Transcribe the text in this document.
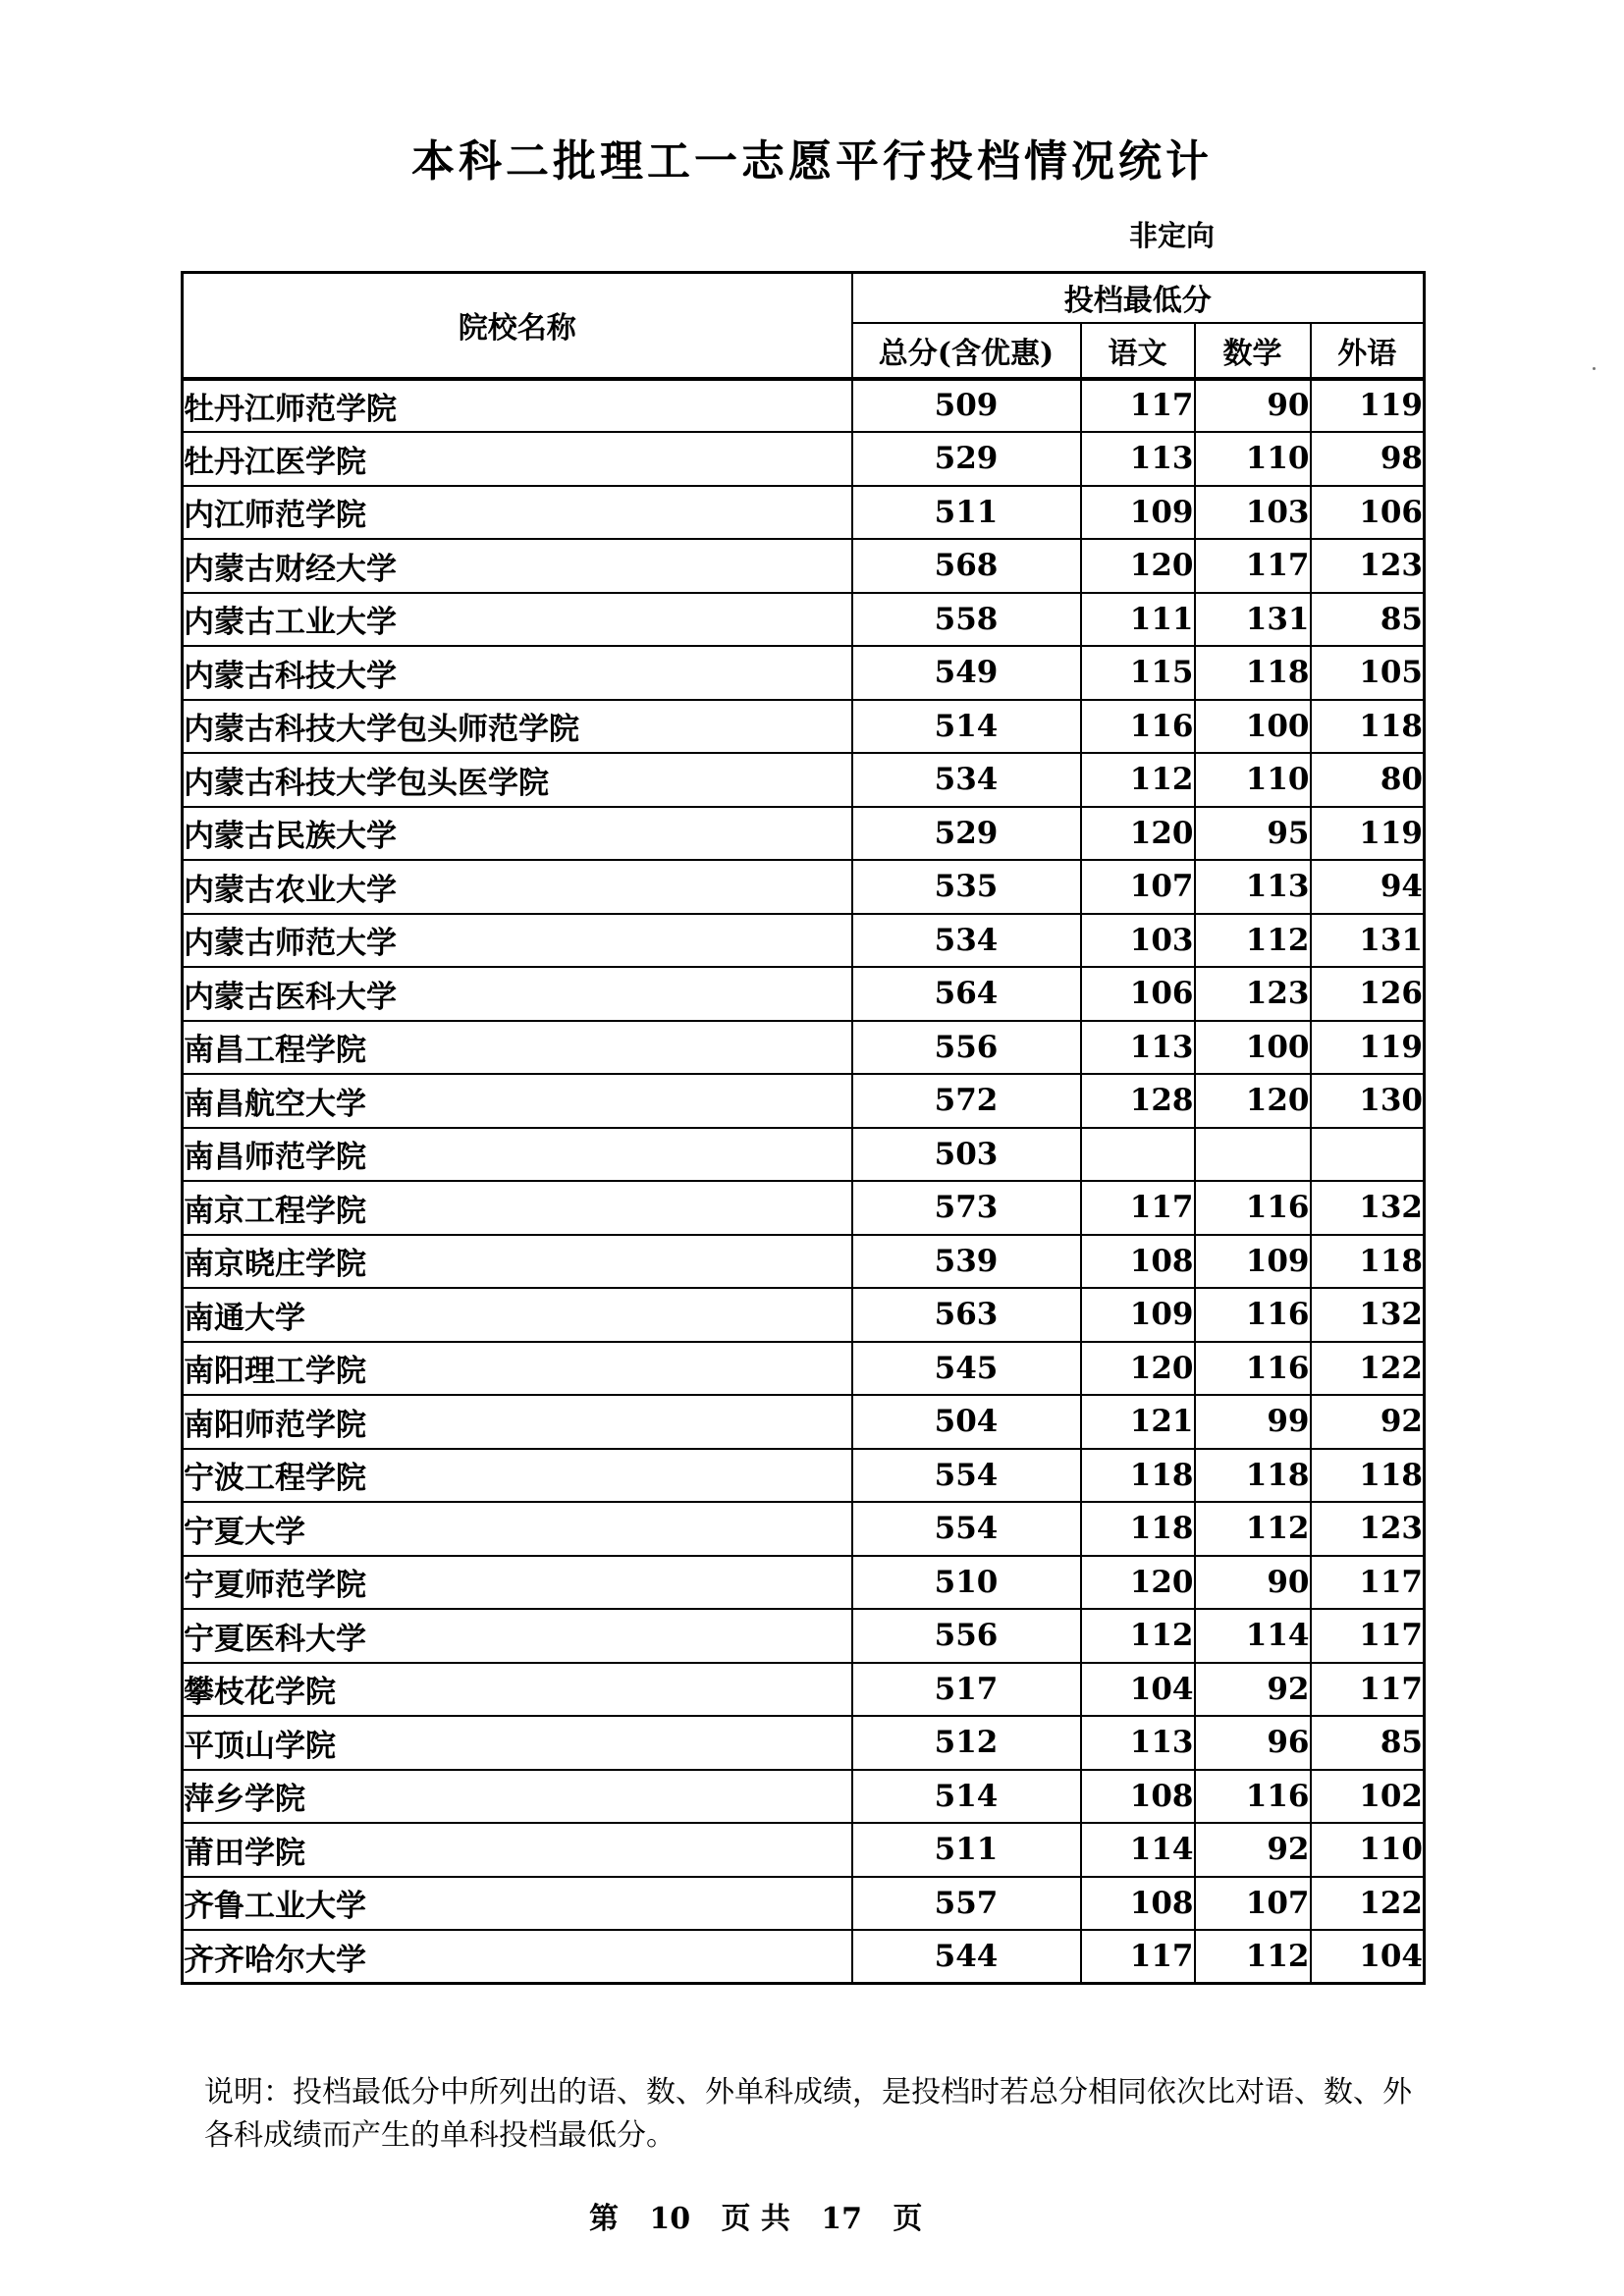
本科二批理工一志愿平行投档情况统计
非定向
院校名称	投档最低分			
	总分(含优惠)	语文	数学	外语
牡丹江师范学院	509	117	90	119
牡丹江医学院	529	113	110	98
内江师范学院	511	109	103	106
内蒙古财经大学	568	120	117	123
内蒙古工业大学	558	111	131	85
内蒙古科技大学	549	115	118	105
内蒙古科技大学包头师范学院	514	116	100	118
内蒙古科技大学包头医学院	534	112	110	80
内蒙古民族大学	529	120	95	119
内蒙古农业大学	535	107	113	94
内蒙古师范大学	534	103	112	131
内蒙古医科大学	564	106	123	126
南昌工程学院	556	113	100	119
南昌航空大学	572	128	120	130
南昌师范学院	503			
南京工程学院	573	117	116	132
南京晓庄学院	539	108	109	118
南通大学	563	109	116	132
南阳理工学院	545	120	116	122
南阳师范学院	504	121	99	92
宁波工程学院	554	118	118	118
宁夏大学	554	118	112	123
宁夏师范学院	510	120	90	117
宁夏医科大学	556	112	114	117
攀枝花学院	517	104	92	117
平顶山学院	512	113	96	85
萍乡学院	514	108	116	102
莆田学院	511	114	92	110
齐鲁工业大学	557	108	107	122
齐齐哈尔大学	544	117	112	104
说明：投档最低分中所列出的语、数、外单科成绩，是投档时若总分相同依次比对语、数、外各科成绩而产生的单科投档最低分。
第 10 页 共 17 页
